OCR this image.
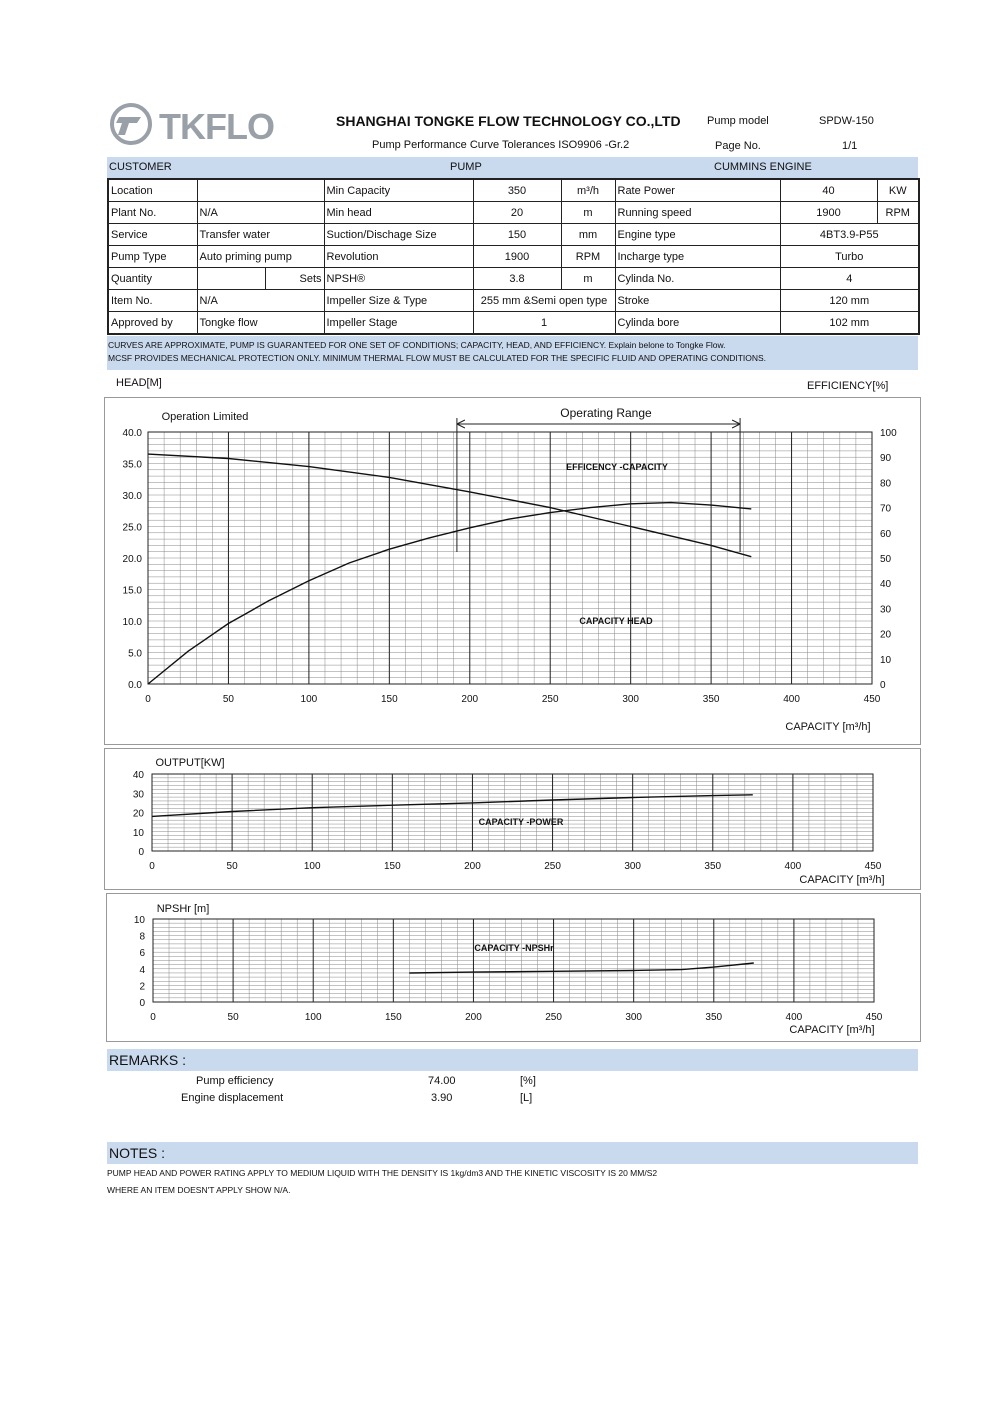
TKFLO	SHANGHAI TONGKE FLOW TECHNOLOGY CO.,LTD
Pump Performance Curve Tolerances ISO9906 -Gr.2
Pump model	SPDW-150
Page No.	1/1
CUSTOMER	PUMP	CUMMINS ENGINE
Location			Min Capacity	350	m³/h	Rate Power	40	KW
Plant No.	N/A		Min head	20	m	Running speed	1900	RPM
Service	Transfer water		Suction/Dischage Size	150	mm	Engine type	4BT3.9-P55	
Pump Type	Auto priming pump		Revolution	1900	RPM	Incharge type	Turbo	
Quantity		Sets	NPSH®	3.8	m	Cylinda No.	4	
Item No.	N/A		Impeller Size & Type	255 mm &Semi open type		Stroke	120 mm	
Approved by	Tongke flow		Impeller Stage	1		Cylinda bore	102 mm	
CURVES ARE APPROXIMATE, PUMP IS GUARANTEED FOR ONE SET OF CONDITIONS; CAPACITY, HEAD, AND EFFICIENCY. Explain belone to Tongke Flow.
MCSF PROVIDES MECHANICAL PROTECTION ONLY. MINIMUM THERMAL FLOW MUST BE CALCULATED FOR THE SPECIFIC FLUID AND OPERATING CONDITIONS.
HEAD[M]	EFFICIENCY[%]
0	50	100	150	200	250	300	350	400	450
0.0
5.0
10.0
15.0
20.0
25.0
30.0
35.0
40.0
0
10
20
30
40
50
60
70
80
90
100
CAPACITY [m³/h]
Operation Limited	Operating Range
EFFICENCY -CAPACITY
CAPACITY HEAD
0	50	100	150	200	250	300	350	400	450
0
10
20
30
40
OUTPUT[KW]
CAPACITY [m³/h]
CAPACITY -POWER
0	50	100	150	200	250	300	350	400	450
0
2
4
6
8
10
NPSHr [m]
CAPACITY [m³/h]
CAPACITY -NPSHr
REMARKS :
Pump efficiency	74.00	[%]
Engine displacement	3.90	[L]
NOTES :
PUMP HEAD AND POWER RATING APPLY TO MEDIUM LIQUID WITH THE DENSITY IS 1kg/dm3 AND THE KINETIC VISCOSITY IS 20 MM/S2
WHERE AN ITEM DOESN'T APPLY SHOW N/A.
